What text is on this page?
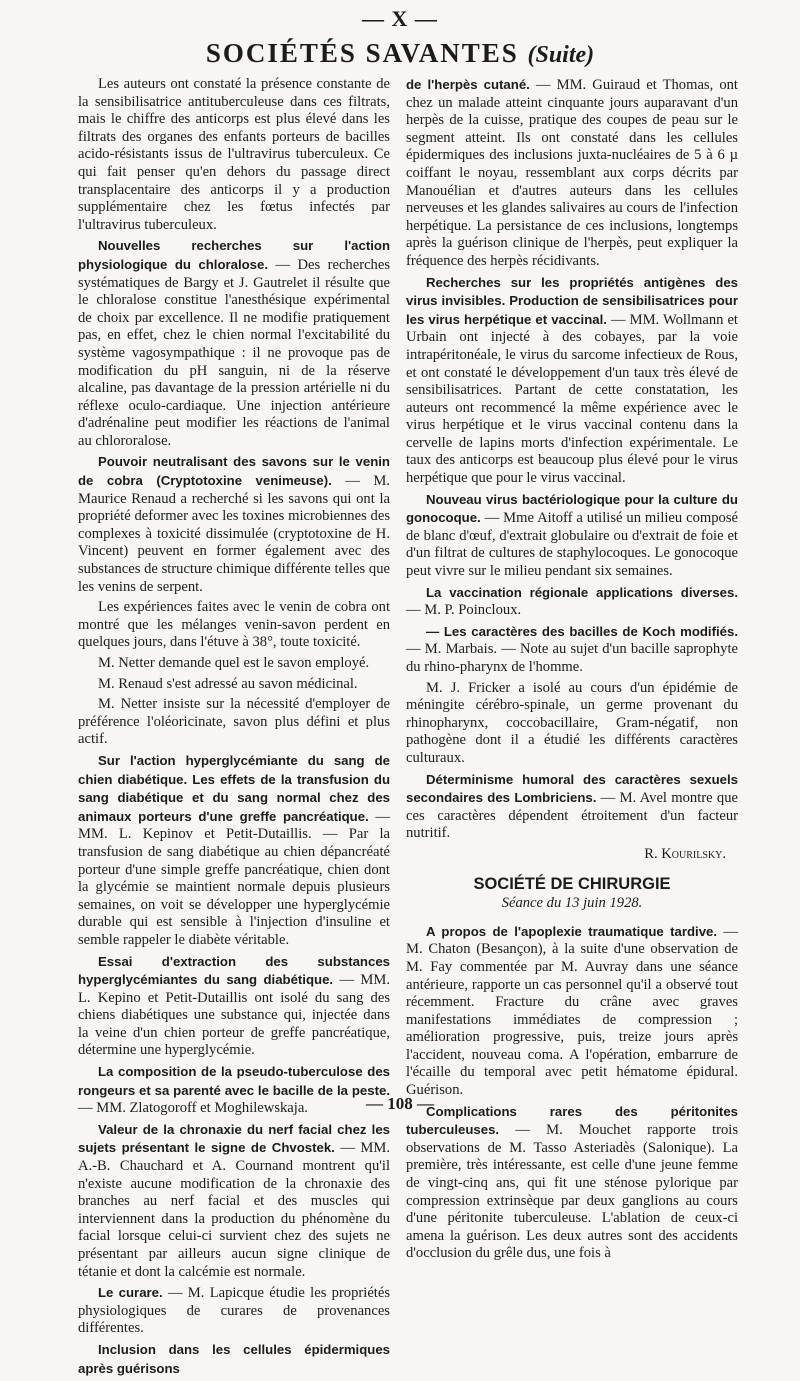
— X —
SOCIÉTÉS SAVANTES (Suite)

Les auteurs ont constaté la présence constante de la sensibilisatrice antituberculeuse dans ces filtrats, mais le chiffre des anticorps est plus élevé dans les filtrats des organes des enfants porteurs de bacilles acido-résistants issus de l'ultravirus tuberculeux. Ce qui fait penser qu'en dehors du passage direct transplacentaire des anticorps il y a production supplémentaire chez les fœtus infectés par l'ultravirus tuberculeux.

Nouvelles recherches sur l'action physiologique du chloralose. — Des recherches systématiques de Bargy et J. Gautrelet il résulte que le chloralose constitue l'anesthésique expérimental de choix par excellence. Il ne modifie pratiquement pas, en effet, chez le chien normal l'excitabilité du système vagosympathique : il ne provoque pas de modification du pH sanguin, ni de la réserve alcaline, pas davantage de la pression artérielle ni du réflexe oculo-cardiaque. Une injection antérieure d'adrénaline peut modifier les réactions de l'animal au chlororalose.

Pouvoir neutralisant des savons sur le venin de cobra (Cryptotoxine venimeuse). — M. Maurice Renaud a recherché si les savons qui ont la propriété deformer avec les toxines microbiennes des complexes à toxicité dissimulée (cryptotoxine de H. Vincent) peuvent en former également avec des substances de structure chimique différente telles que les venins de serpent.

Les expériences faites avec le venin de cobra ont montré que les mélanges venin-savon perdent en quelques jours, dans l'étuve à 38°, toute toxicité.

M. Netter demande quel est le savon employé.

M. Renaud s'est adressé au savon médicinal.

M. Netter insiste sur la nécessité d'employer de préférence l'oléoricinate, savon plus défini et plus actif.

Sur l'action hyperglycémiante du sang de chien diabétique. Les effets de la transfusion du sang diabétique et du sang normal chez des animaux porteurs d'une greffe pancréatique. — MM. L. Kepinov et Petit-Dutaillis. — Par la transfusion de sang diabétique au chien dépancréaté porteur d'une simple greffe pancréatique, chien dont la glycémie se maintient normale depuis plusieurs semaines, on voit se développer une hyperglycémie durable qui est sensible à l'injection d'insuline et semble rappeler le diabète véritable.

Essai d'extraction des substances hyperglycémiantes du sang diabétique. — MM. L. Kepino et Petit-Dutaillis ont isolé du sang des chiens diabétiques une substance qui, injectée dans la veine d'un chien porteur de greffe pancréatique, détermine une hyperglycémie.

La composition de la pseudo-tuberculose des rongeurs et sa parenté avec le bacille de la peste. — MM. Zlatogoroff et Moghilewskaja.

Valeur de la chronaxie du nerf facial chez les sujets présentant le signe de Chvostek. — MM. A.-B. Chauchard et A. Cournand montrent qu'il n'existe aucune modification de la chronaxie des branches au nerf facial et des muscles qui interviennent dans la production du phénomène du facial lorsque celui-ci survient chez des sujets ne présentant par ailleurs aucun signe clinique de tétanie et dont la calcémie est normale.

Le curare. — M. Lapicque étudie les propriétés physiologiques de curares de provenances différentes.

Inclusion dans les cellules épidermiques après guérisons

de l'herpès cutané. — MM. Guiraud et Thomas, ont chez un malade atteint cinquante jours auparavant d'un herpès de la cuisse, pratique des coupes de peau sur le segment atteint. Ils ont constaté dans les cellules épidermiques des inclusions juxta-nucléaires de 5 à 6 µ coiffant le noyau, ressemblant aux corps décrits par Manouélian et d'autres auteurs dans les cellules nerveuses et les glandes salivaires au cours de l'infection herpétique. La persistance de ces inclusions, longtemps après la guérison clinique de l'herpès, peut expliquer la fréquence des herpès récidivants.

Recherches sur les propriétés antigènes des virus invisibles. Production de sensibilisatrices pour les virus herpétique et vaccinal. — MM. Wollmann et Urbain ont injecté à des cobayes, par la voie intrapéritonéale, le virus du sarcome infectieux de Rous, et ont constaté le développement d'un taux très élevé de sensibilisatrices. Partant de cette constatation, les auteurs ont recommencé la même expérience avec le virus herpétique et le virus vaccinal contenu dans la cervelle de lapins morts d'infection expérimentale. Le taux des anticorps est beaucoup plus élevé pour le virus herpétique que pour le virus vaccinal.

Nouveau virus bactériologique pour la culture du gonocoque. — Mme Aitoff a utilisé un milieu composé de blanc d'œuf, d'extrait globulaire ou d'extrait de foie et d'un filtrat de cultures de staphylocoques. Le gonocoque peut vivre sur le milieu pendant six semaines.

La vaccination régionale applications diverses. — M. P. Poincloux.

— Les caractères des bacilles de Koch modifiés. — M. Marbais. — Note au sujet d'un bacille saprophyte du rhino-pharynx de l'homme.

M. J. Fricker a isolé au cours d'un épidémie de méningite cérébro-spinale, un germe provenant du rhinopharynx, coccobacillaire, Gram-négatif, non pathogène dont il a étudié les différents caractères culturaux.

Déterminisme humoral des caractères sexuels secondaires des Lombriciens. — M. Avel montre que ces caractères dépendent étroitement d'un facteur nutritif.

R. Kourilsky.
SOCIÉTÉ DE CHIRURGIE
Séance du 13 juin 1928.

A propos de l'apoplexie traumatique tardive. — M. Chaton (Besançon), à la suite d'une observation de M. Fay commentée par M. Auvray dans une séance antérieure, rapporte un cas personnel qu'il a observé tout récemment. Fracture du crâne avec graves manifestations immédiates de compression ; amélioration progressive, puis, treize jours après l'accident, nouveau coma. A l'opération, embarrure de l'écaille du temporal avec petit hématome épidural. Guérison.

Complications rares des péritonites tuberculeuses. — M. Mouchet rapporte trois observations de M. Tasso Asteriadès (Salonique). La première, très intéressante, est celle d'une jeune femme de vingt-cinq ans, qui fit une sténose pylorique par compression extrinsèque par deux ganglions au cours d'une péritonite tuberculeuse. L'ablation de ceux-ci amena la guérison. Les deux autres sont des accidents d'occlusion du grêle dus, une fois à

— 108 —
